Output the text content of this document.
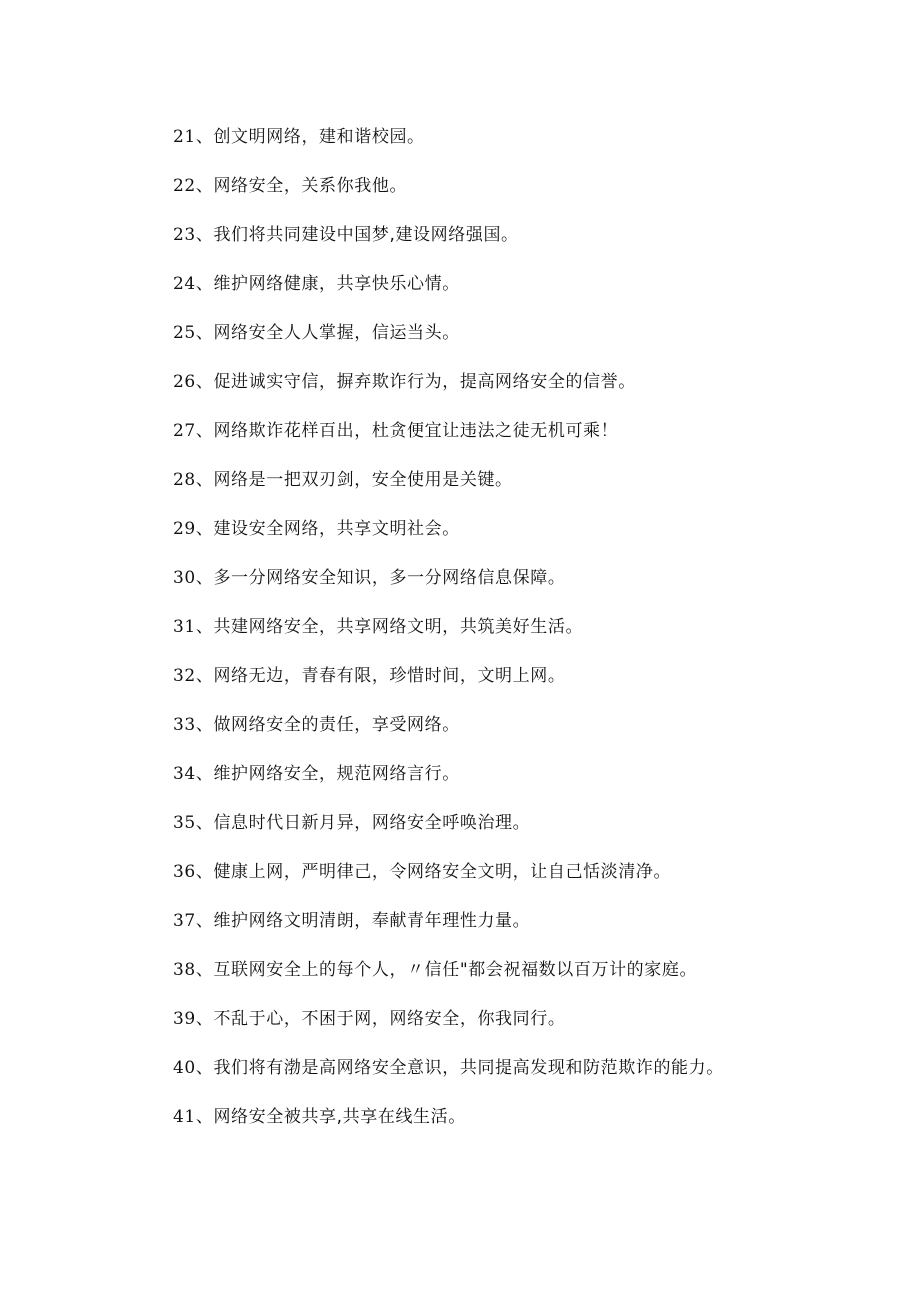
21、创文明网络，建和谐校园。
22、网络安全，关系你我他。
23、我们将共同建设中国梦,建设网络强国。
24、维护网络健康，共享快乐心情。
25、网络安全人人掌握，信运当头。
26、促进诚实守信，摒弃欺诈行为，提高网络安全的信誉。
27、网络欺诈花样百出，杜贪便宜让违法之徒无机可乘！
28、网络是一把双刃剑，安全使用是关键。
29、建设安全网络，共享文明社会。
30、多一分网络安全知识，多一分网络信息保障。
31、共建网络安全，共享网络文明，共筑美好生活。
32、网络无边，青春有限，珍惜时间，文明上网。
33、做网络安全的责任，享受网络。
34、维护网络安全，规范网络言行。
35、信息时代日新月异，网络安全呼唤治理。
36、健康上网，严明律己，令网络安全文明，让自己恬淡清净。
37、维护网络文明清朗，奉献青年理性力量。
38、互联网安全上的每个人，〃信任"都会祝福数以百万计的家庭。
39、不乱于心，不困于网，网络安全，你我同行。
40、我们将有渤是高网络安全意识，共同提高发现和防范欺诈的能力。
41、网络安全被共享,共享在线生活。
